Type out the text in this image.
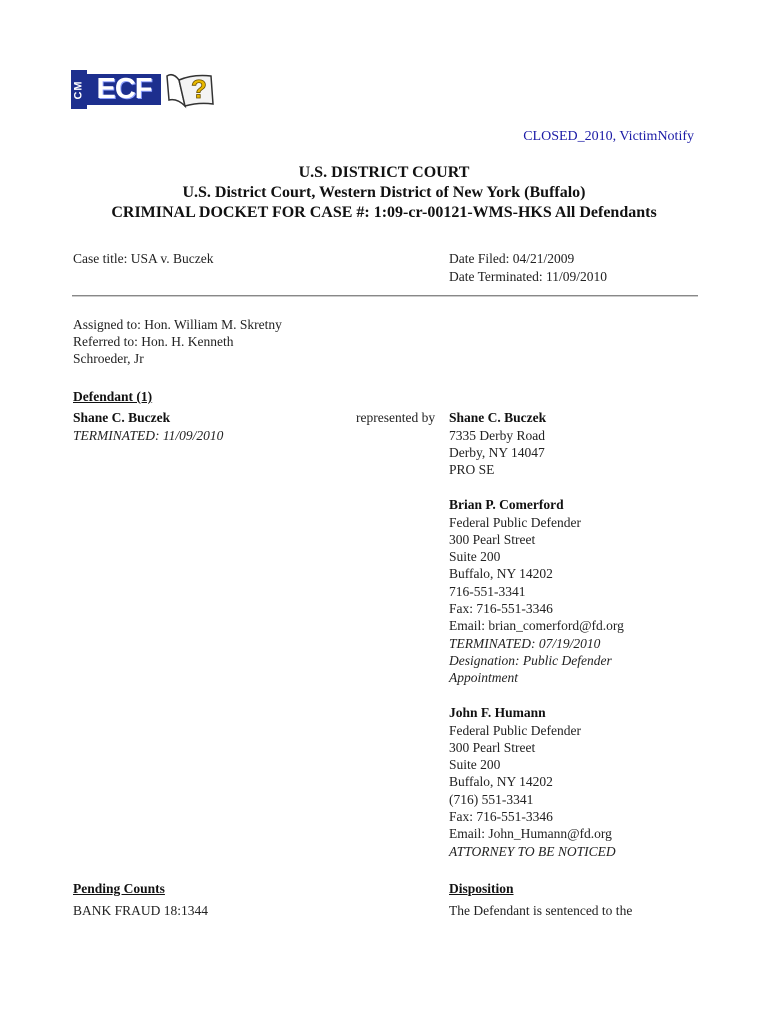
CM ECF	?
CLOSED_2010, VictimNotify
U.S. DISTRICT COURT
U.S. District Court, Western District of New York (Buffalo)
CRIMINAL DOCKET FOR CASE #: 1:09-cr-00121-WMS-HKS All Defendants
Case title: USA v. Buczek	Date Filed: 04/21/2009
Date Terminated: 11/09/2010
Assigned to: Hon. William M. Skretny
Referred to: Hon. H. Kenneth
Schroeder, Jr
Defendant (1)
Shane C. Buczek
TERMINATED: 11/09/2010
represented by Shane C. Buczek
7335 Derby Road
Derby, NY 14047
PRO SE
Brian P. Comerford
Federal Public Defender
300 Pearl Street
Suite 200
Buffalo, NY 14202
716-551-3341
Fax: 716-551-3346
Email: brian_comerford@fd.org
TERMINATED: 07/19/2010
Designation: Public Defender
Appointment
John F. Humann
Federal Public Defender
300 Pearl Street
Suite 200
Buffalo, NY 14202
(716) 551-3341
Fax: 716-551-3346
Email: John_Humann@fd.org
ATTORNEY TO BE NOTICED
Pending Counts	Disposition
BANK FRAUD 18:1344	The Defendant is sentenced to the
